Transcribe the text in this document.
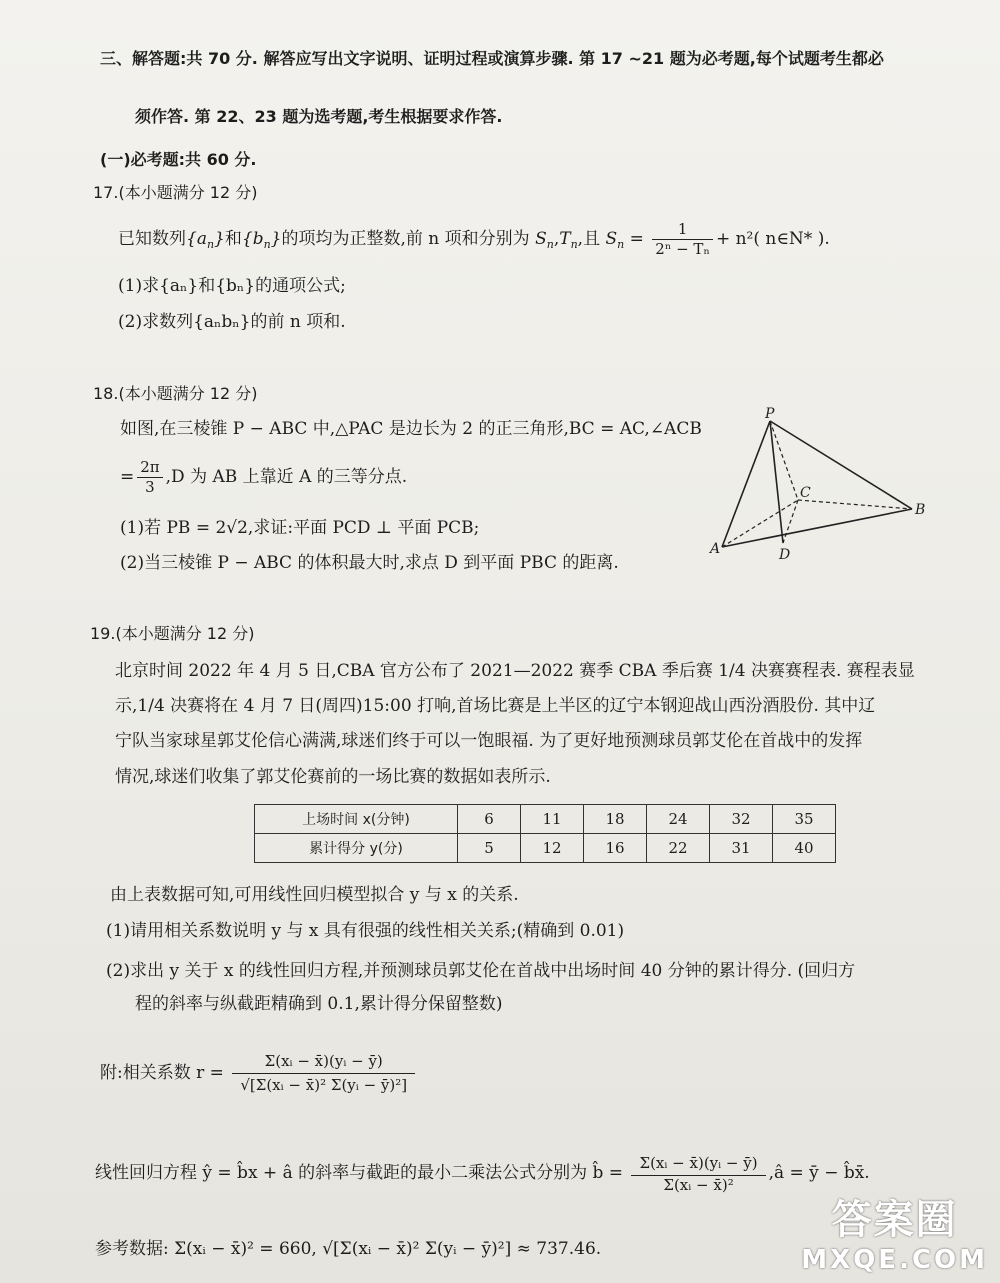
三、解答题:共 70 分. 解答应写出文字说明、证明过程或演算步骤. 第 17 ~21 题为必考题,每个试题考生都必
须作答. 第 22、23 题为选考题,考生根据要求作答.
(一)必考题:共 60 分.
17.(本小题满分 12 分)
已知数列$\{a_n\}$和$\{b_n\}$的项均为正整数,前 n 项和分别为 $S_n,T_n$,且 $S_n = \frac{1}{\text{2ⁿ − Tₙ}} + n^2$( n∈N* ).
(1)求{aₙ}和{bₙ}的通项公式;
(2)求数列{aₙbₙ}的前 n 项和.
18.(本小题满分 12 分)
如图,在三棱锥 P − ABC 中,△PAC 是边长为 2 的正三角形,BC = AC,∠ACB
= $\frac{2\pi}{3} ,D$ 为 AB 上靠近 A 的三等分点.
(1)若 PB = 2√2,求证:平面 PCD ⊥ 平面 PCB;
(2)当三棱锥 P − ABC 的体积最大时,求点 D 到平面 PBC 的距离.
P
A
B
C
D
19.(本小题满分 12 分)
北京时间 2022 年 4 月 5 日,CBA 官方公布了 2021—2022 赛季 CBA 季后赛 1/4 决赛赛程表. 赛程表显
示,1/4 决赛将在 4 月 7 日(周四)15:00 打响,首场比赛是上半区的辽宁本钢迎战山西汾酒股份. 其中辽
宁队当家球星郭艾伦信心满满,球迷们终于可以一饱眼福. 为了更好地预测球员郭艾伦在首战中的发挥
情况,球迷们收集了郭艾伦赛前的一场比赛的数据如表所示.
上场时间 x(分钟)	6	11	18	24	32	35
累计得分 y(分)	5	12	16	22	31	40
由上表数据可知,可用线性回归模型拟合 y 与 x 的关系.
(1)请用相关系数说明 y 与 x 具有很强的线性相关关系;(精确到 0.01)
(2)求出 y 关于 x 的线性回归方程,并预测球员郭艾伦在首战中出场时间 40 分钟的累计得分. (回归方
程的斜率与纵截距精确到 0.1,累计得分保留整数)
附:相关系数 $r = \frac{\text{Σ(xᵢ − x̄)(yᵢ − ȳ)}}{\text{√[Σ(xᵢ − x̄)² Σ(yᵢ − ȳ)²]}}$
线性回归方程 ŷ = b̂x + â 的斜率与截距的最小二乘法公式分别为 b̂ = $\frac{\text{Σ(xᵢ − x̄)(yᵢ − ȳ)}}{\text{Σ(xᵢ − x̄)²}}$ ,â = ȳ − b̂x̄.
参考数据: Σ(xᵢ − x̄)² = 660, √[Σ(xᵢ − x̄)² Σ(yᵢ − ȳ)²] ≈ 737.46.
答案圈
MXQE.COM
